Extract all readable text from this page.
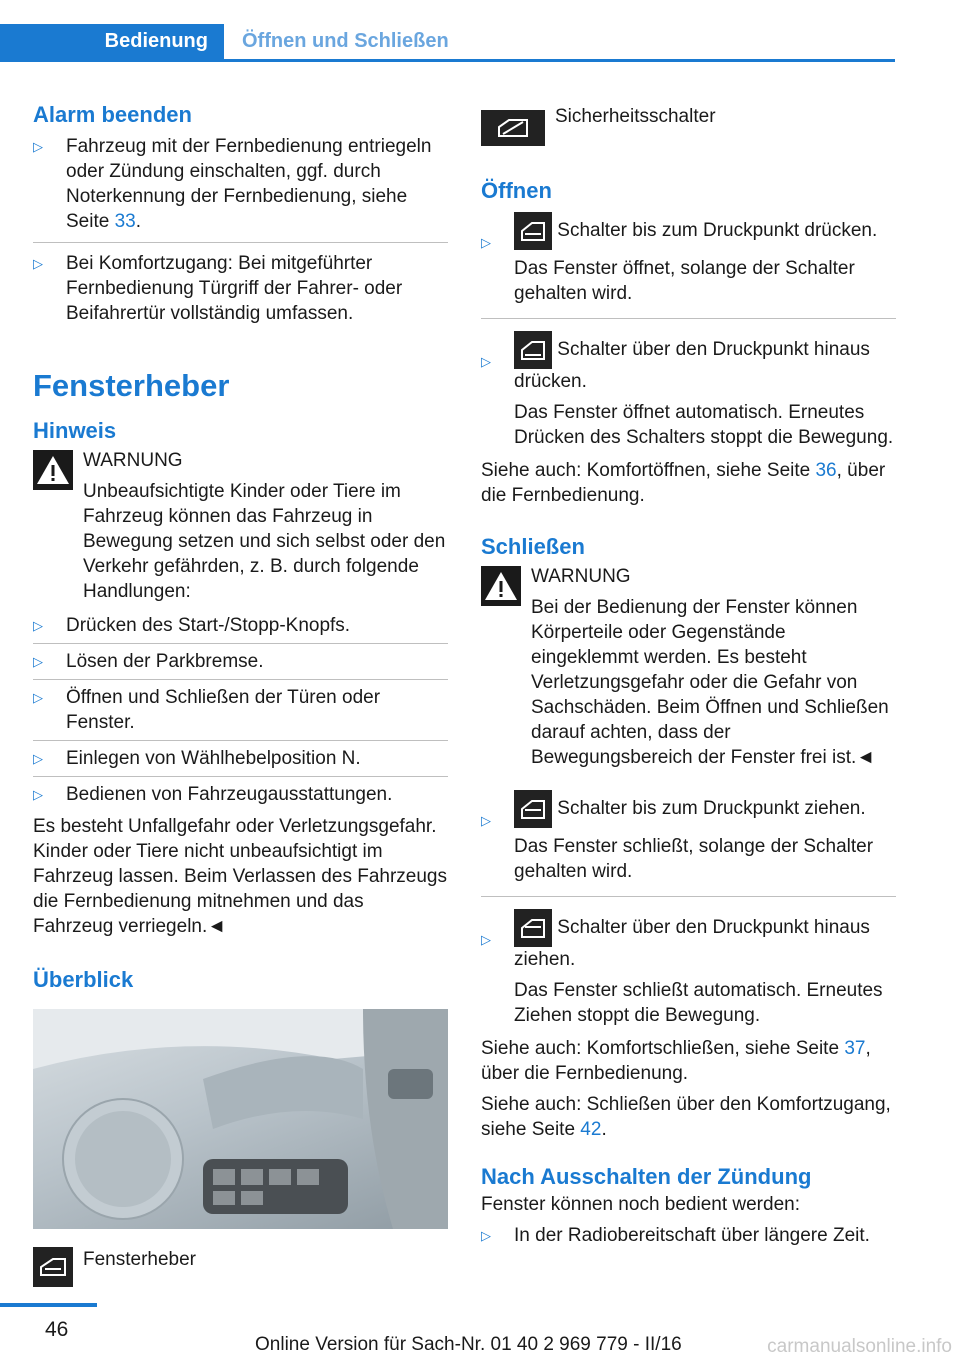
Bedienung	Öffnen und Schließen
Alarm beenden
▷ Fahrzeug mit der Fernbedienung entriegeln oder Zündung einschalten, ggf. durch Noterkennung der Fernbedienung, siehe Seite 33.
▷ Bei Komfortzugang: Bei mitgeführter Fernbedienung Türgriff der Fahrer- oder Beifahrertür vollständig umfassen.
Fensterheber
Hinweis

WARNUNG

Unbeaufsichtigte Kinder oder Tiere im Fahrzeug können das Fahrzeug in Bewegung setzen und sich selbst oder den Verkehr gefährden, z. B. durch folgende Handlungen:

▷ Drücken des Start-/Stopp-Knopfs.
▷ Lösen der Parkbremse.
▷ Öffnen und Schließen der Türen oder Fenster.
▷ Einlegen von Wählhebelposition N.
▷ Bedienen von Fahrzeugausstattungen.

Es besteht Unfallgefahr oder Verletzungsgefahr. Kinder oder Tiere nicht unbeaufsichtigt im Fahrzeug lassen. Beim Verlassen des Fahrzeugs die Fernbedienung mitnehmen und das Fahrzeug verriegeln.◄

Überblick
Fensterheber
Sicherheitsschalter
Öffnen
▷
Schalter bis zum Druckpunkt drücken.

Das Fenster öffnet, solange der Schalter gehalten wird.

▷
Schalter über den Druckpunkt hinaus drücken.

Das Fenster öffnet automatisch. Erneutes Drücken des Schalters stoppt die Bewegung.

Siehe auch: Komfortöffnen, siehe Seite 36, über die Fernbedienung.

Schließen

WARNUNG

Bei der Bedienung der Fenster können Körperteile oder Gegenstände eingeklemmt werden. Es besteht Verletzungsgefahr oder die Gefahr von Sachschäden. Beim Öffnen und Schließen darauf achten, dass der Bewegungsbereich der Fenster frei ist.◄

▷
Schalter bis zum Druckpunkt ziehen.

Das Fenster schließt, solange der Schalter gehalten wird.

▷
Schalter über den Druckpunkt hinaus ziehen.

Das Fenster schließt automatisch. Erneutes Ziehen stoppt die Bewegung.

Siehe auch: Komfortschließen, siehe Seite 37, über die Fernbedienung.

Siehe auch: Schließen über den Komfortzugang, siehe Seite 42.

Nach Ausschalten der Zündung

Fenster können noch bedient werden:

▷ In der Radiobereitschaft über längere Zeit.
46
Online Version für Sach-Nr. 01 40 2 969 779 - II/16	carmanualsonline.info
